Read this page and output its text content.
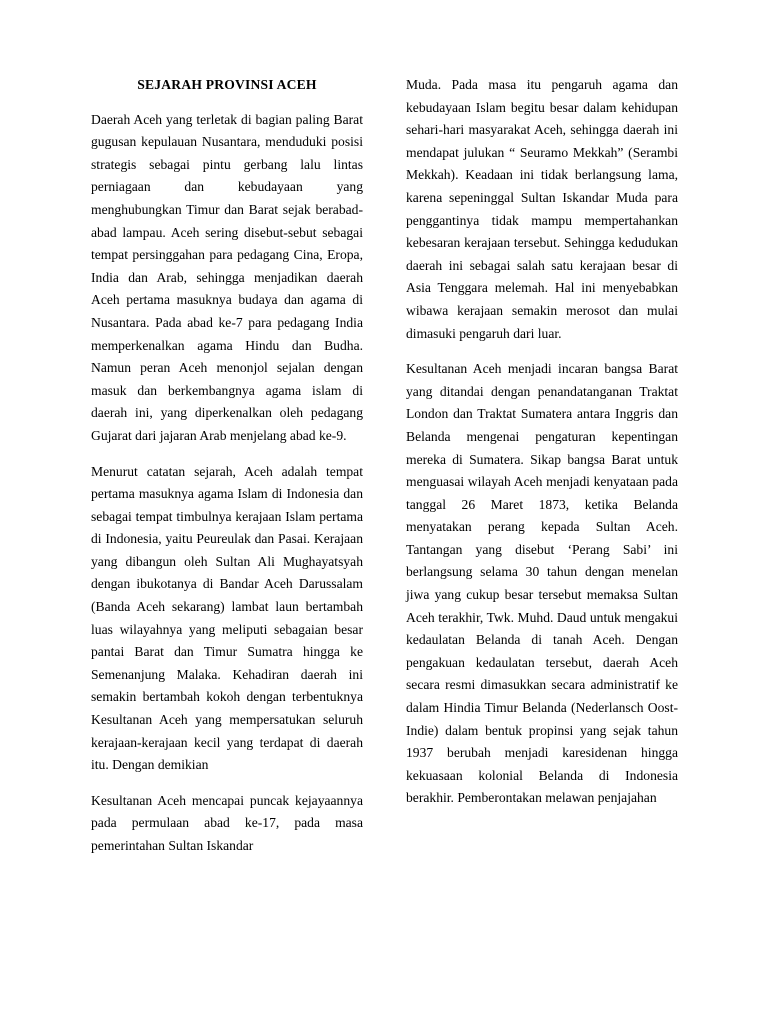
SEJARAH PROVINSI ACEH

Daerah Aceh yang terletak di bagian paling Barat gugusan kepulauan Nusantara, menduduki posisi strategis sebagai pintu gerbang lalu lintas perniagaan dan kebudayaan yang menghubungkan Timur dan Barat sejak berabad-abad lampau. Aceh sering disebut-sebut sebagai tempat persinggahan para pedagang Cina, Eropa, India dan Arab, sehingga menjadikan daerah Aceh pertama masuknya budaya dan agama di Nusantara. Pada abad ke-7 para pedagang India memperkenalkan agama Hindu dan Budha. Namun peran Aceh menonjol sejalan dengan masuk dan berkembangnya agama islam di daerah ini, yang diperkenalkan oleh pedagang Gujarat dari jajaran Arab menjelang abad ke-9.

Menurut catatan sejarah, Aceh adalah tempat pertama masuknya agama Islam di Indonesia dan sebagai tempat timbulnya kerajaan Islam pertama di Indonesia, yaitu Peureulak dan Pasai. Kerajaan yang dibangun oleh Sultan Ali Mughayatsyah dengan ibukotanya di Bandar Aceh Darussalam (Banda Aceh sekarang) lambat laun bertambah luas wilayahnya yang meliputi sebagaian besar pantai Barat dan Timur Sumatra hingga ke Semenanjung Malaka. Kehadiran daerah ini semakin bertambah kokoh dengan terbentuknya Kesultanan Aceh yang mempersatukan seluruh kerajaan-kerajaan kecil yang terdapat di daerah itu. Dengan demikian

Kesultanan Aceh mencapai puncak kejayaannya pada permulaan abad ke-17, pada masa pemerintahan Sultan Iskandar

Muda. Pada masa itu pengaruh agama dan kebudayaan Islam begitu besar dalam kehidupan sehari-hari masyarakat Aceh, sehingga daerah ini mendapat julukan “ Seuramo Mekkah” (Serambi Mekkah). Keadaan ini tidak berlangsung lama, karena sepeninggal Sultan Iskandar Muda para penggantinya tidak mampu mempertahankan kebesaran kerajaan tersebut. Sehingga kedudukan daerah ini sebagai salah satu kerajaan besar di Asia Tenggara melemah. Hal ini menyebabkan wibawa kerajaan semakin merosot dan mulai dimasuki pengaruh dari luar.

Kesultanan Aceh menjadi incaran bangsa Barat yang ditandai dengan penandatanganan Traktat London dan Traktat Sumatera antara Inggris dan Belanda mengenai pengaturan kepentingan mereka di Sumatera. Sikap bangsa Barat untuk menguasai wilayah Aceh menjadi kenyataan pada tanggal 26 Maret 1873, ketika Belanda menyatakan perang kepada Sultan Aceh. Tantangan yang disebut ‘Perang Sabi’ ini berlangsung selama 30 tahun dengan menelan jiwa yang cukup besar tersebut memaksa Sultan Aceh terakhir, Twk. Muhd. Daud untuk mengakui kedaulatan Belanda di tanah Aceh. Dengan pengakuan kedaulatan tersebut, daerah Aceh secara resmi dimasukkan secara administratif ke dalam Hindia Timur Belanda (Nederlansch Oost-Indie) dalam bentuk propinsi yang sejak tahun 1937 berubah menjadi karesidenan hingga kekuasaan kolonial Belanda di Indonesia berakhir. Pemberontakan melawan penjajahan
